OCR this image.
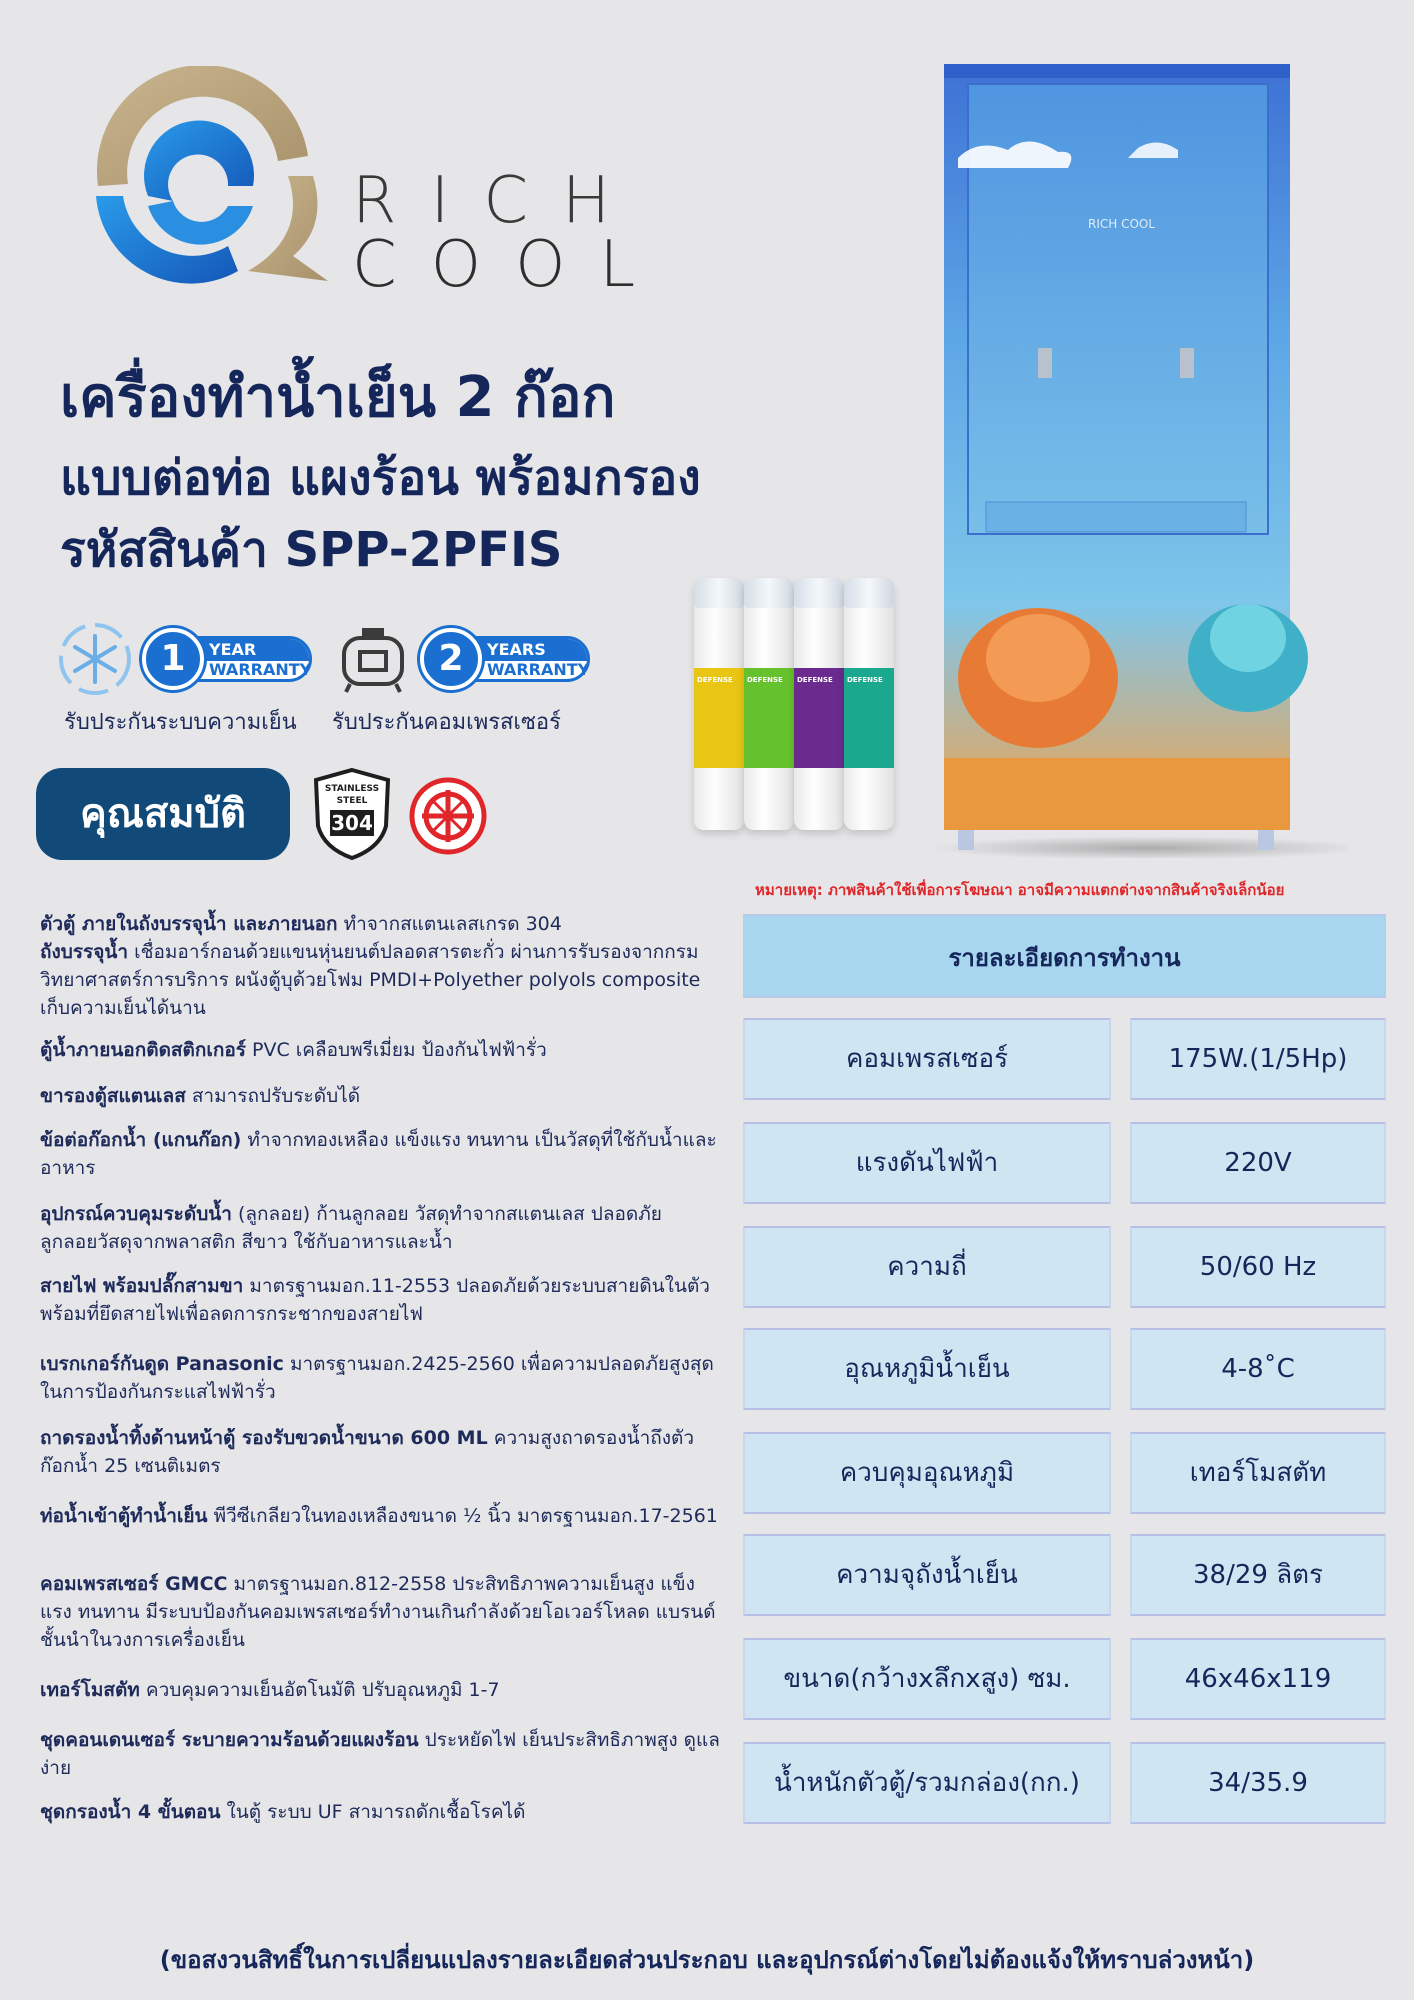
RICH
COOL
เครื่องทำน้ำเย็น 2 ก๊อก
แบบต่อท่อ แผงร้อน พร้อมกรอง
รหัสสินค้า SPP-2PFIS
1	YEAR
WARRANTY
รับประกันระบบความเย็น
2	YEARS
WARRANTY
รับประกันคอมเพรสเซอร์
คุณสมบัติ
STAINLESS
STEEL
304
DEFENSE DEFENSE DEFENSE DEFENSE
RICH COOL
หมายเหตุ: ภาพสินค้าใช้เพื่อการโฆษณา อาจมีความแตกต่างจากสินค้าจริงเล็กน้อย
ตัวตู้ ภายในถังบรรจุน้ำ และภายนอก ทำจากสแตนเลสเกรด 304
ถังบรรจุน้ำ เชื่อมอาร์กอนด้วยแขนหุ่นยนต์ปลอดสารตะกั่ว ผ่านการรับรองจากกรมวิทยาศาสตร์การบริการ ผนังตู้บุด้วยโฟม PMDI+Polyether polyols composite เก็บความเย็นได้นาน
ตู้น้ำภายนอกติดสติกเกอร์ PVC เคลือบพรีเมี่ยม ป้องกันไฟฟ้ารั่ว
ขารองตู้สแตนเลส สามารถปรับระดับได้
ข้อต่อก๊อกน้ำ (แกนก๊อก) ทำจากทองเหลือง แข็งแรง ทนทาน เป็นวัสดุที่ใช้กับน้ำและอาหาร
อุปกรณ์ควบคุมระดับน้ำ (ลูกลอย) ก้านลูกลอย วัสดุทำจากสแตนเลส ปลอดภัย ลูกลอยวัสดุจากพลาสติก สีขาว ใช้กับอาหารและน้ำ
สายไฟ พร้อมปลั๊กสามขา มาตรฐานมอก.11-2553 ปลอดภัยด้วยระบบสายดินในตัว พร้อมที่ยึดสายไฟเพื่อลดการกระชากของสายไฟ
เบรกเกอร์กันดูด Panasonic มาตรฐานมอก.2425-2560 เพื่อความปลอดภัยสูงสุดในการป้องกันกระแสไฟฟ้ารั่ว
ถาดรองน้ำทิ้งด้านหน้าตู้ รองรับขวดน้ำขนาด 600 ML ความสูงถาดรองน้ำถึงตัวก๊อกน้ำ 25 เซนติเมตร
ท่อน้ำเข้าตู้ทำน้ำเย็น พีวีซีเกลียวในทองเหลืองขนาด ½ นิ้ว มาตรฐานมอก.17-2561
คอมเพรสเซอร์ GMCC มาตรฐานมอก.812-2558 ประสิทธิภาพความเย็นสูง แข็งแรง ทนทาน มีระบบป้องกันคอมเพรสเซอร์ทำงานเกินกำลังด้วยโอเวอร์โหลด แบรนด์ชั้นนำในวงการเครื่องเย็น
เทอร์โมสตัท ควบคุมความเย็นอัตโนมัติ ปรับอุณหภูมิ 1-7
ชุดคอนเดนเซอร์ ระบายความร้อนด้วยแผงร้อน ประหยัดไฟ เย็นประสิทธิภาพสูง ดูแลง่าย
ชุดกรองน้ำ 4 ขั้นตอน ในตู้ ระบบ UF สามารถดักเชื้อโรคได้
รายละเอียดการทำงาน
คอมเพรสเซอร์	175W.(1/5Hp)
แรงดันไฟฟ้า	220V
ความถี่	50/60 Hz
อุณหภูมิน้ำเย็น	4-8˚C
ควบคุมอุณหภูมิ	เทอร์โมสตัท
ความจุถังน้ำเย็น	38/29 ลิตร
ขนาด(กว้างxลึกxสูง) ซม.	46x46x119
น้ำหนักตัวตู้/รวมกล่อง(กก.)	34/35.9
(ขอสงวนสิทธิ์ในการเปลี่ยนแปลงรายละเอียดส่วนประกอบ และอุปกรณ์ต่างโดยไม่ต้องแจ้งให้ทราบล่วงหน้า)
